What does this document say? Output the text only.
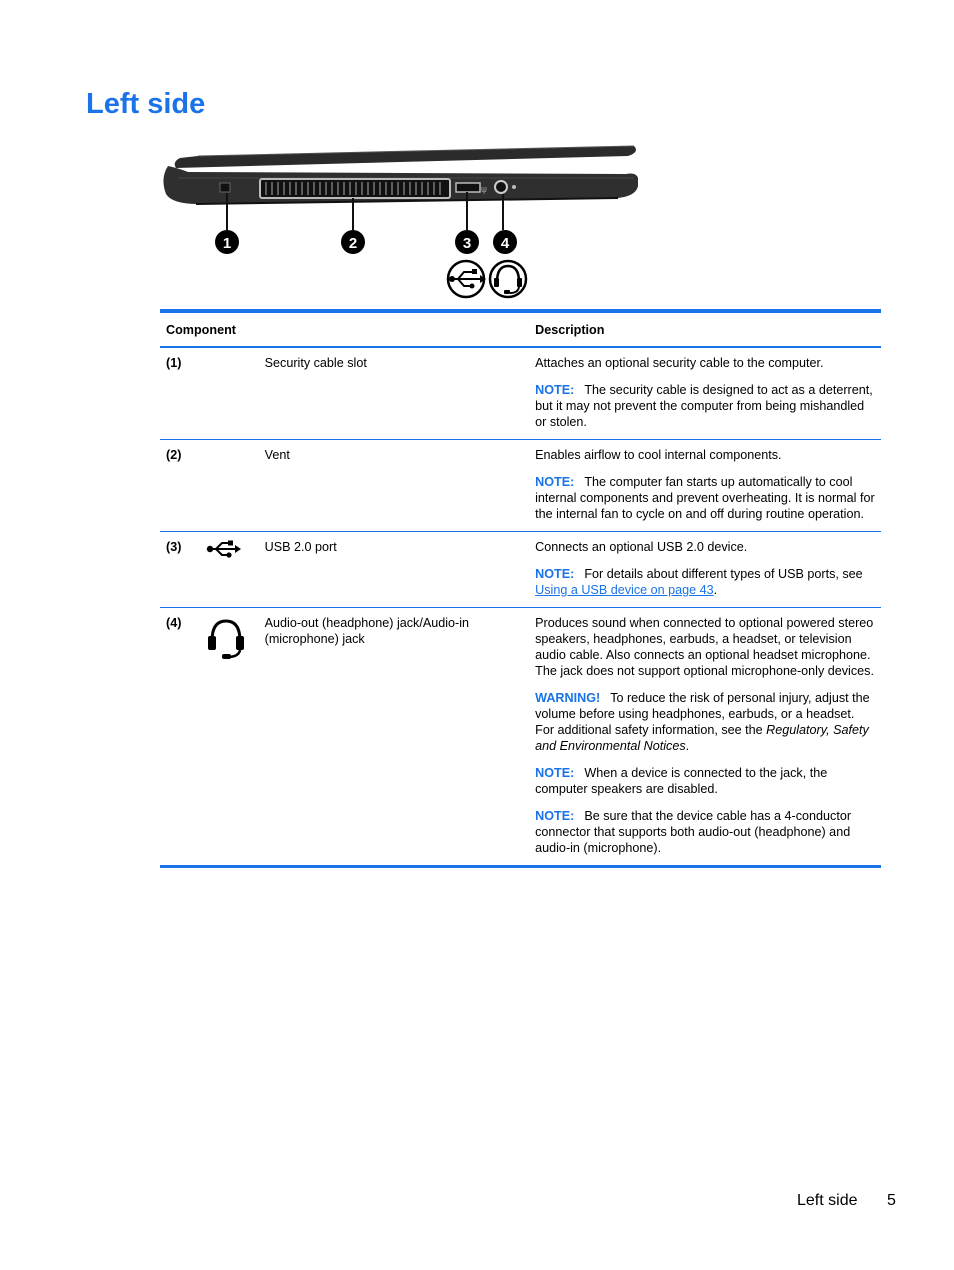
Left side
ψ
1	2	3 4
Component			Description
(1)		Security cable slot	Attaches an optional security cable to the computer.

NOTE: The security cable is designed to act as a deterrent, but it may not prevent the computer from being mishandled or stolen.

(2)		Vent	Enables airflow to cool internal components.

NOTE: The computer fan starts up automatically to cool internal components and prevent overheating. It is normal for the internal fan to cycle on and off during routine operation.

(3)		USB 2.0 port	Connects an optional USB 2.0 device.

NOTE: For details about different types of USB ports, see Using a USB device on page 43.

(4)		Audio-out (headphone) jack/Audio-in (microphone) jack	Produces sound when connected to optional powered stereo speakers, headphones, earbuds, a headset, or television audio cable. Also connects an optional headset microphone. The jack does not support optional microphone-only devices.

WARNING! To reduce the risk of personal injury, adjust the volume before using headphones, earbuds, or a headset. For additional safety information, see the Regulatory, Safety and Environmental Notices.

NOTE: When a device is connected to the jack, the computer speakers are disabled.

NOTE: Be sure that the device cable has a 4-conductor connector that supports both audio-out (headphone) and audio-in (microphone).

Left side 5
